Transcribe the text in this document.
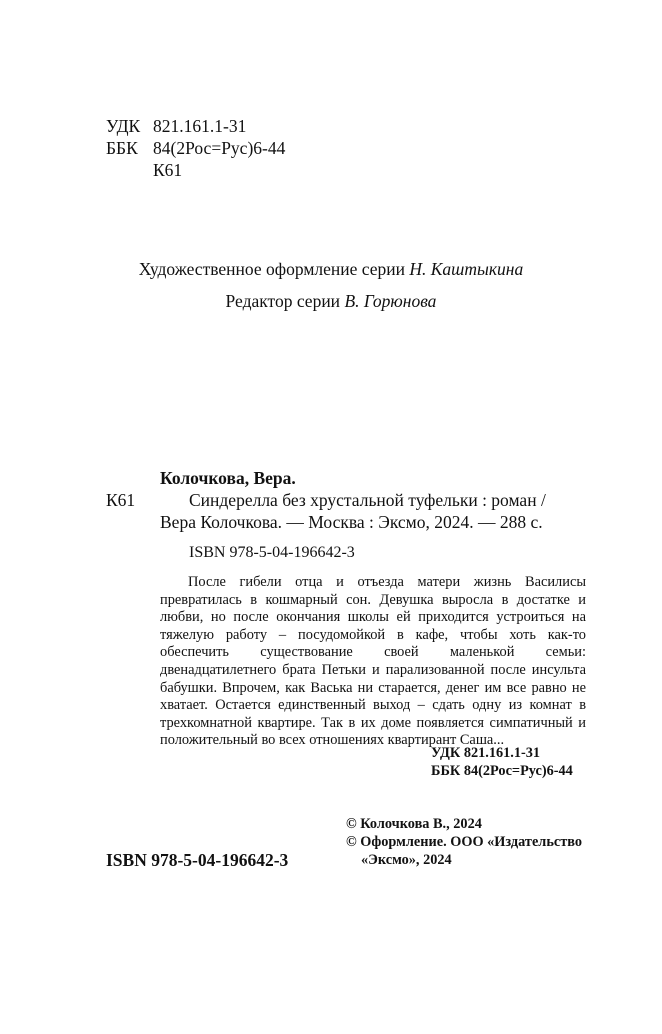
УДК 821.161.1-31
ББК 84(2Рос=Рус)6-44
К61
Художественное оформление серии Н. Каштыкина
Редактор серии В. Горюнова
Колочкова, Вера.
К61	Синдерелла без хрустальной туфельки : роман /
Вера Колочкова. — Москва : Эксмо, 2024. — 288 с.
ISBN 978-5-04-196642-3

После гибели отца и отъезда матери жизнь Василисы превратилась в кошмарный сон. Девушка выросла в достатке и любви, но после окончания школы ей приходится устроиться на тяжелую работу – посудомойкой в кафе, чтобы хоть как-то обеспечить существование своей маленькой семьи: двенадцатилетнего брата Петьки и парализованной после инсульта бабушки. Впрочем, как Васька ни старается, денег им все равно не хватает. Остается единственный выход – сдать одну из комнат в трехкомнатной квартире. Так в их доме появляется симпатичный и положительный во всех отношениях квартирант Саша...

УДК 821.161.1-31
ББК 84(2Рос=Рус)6-44
© Колочкова В., 2024
© Оформление. ООО «Издательство
«Эксмо», 2024
ISBN 978-5-04-196642-3
